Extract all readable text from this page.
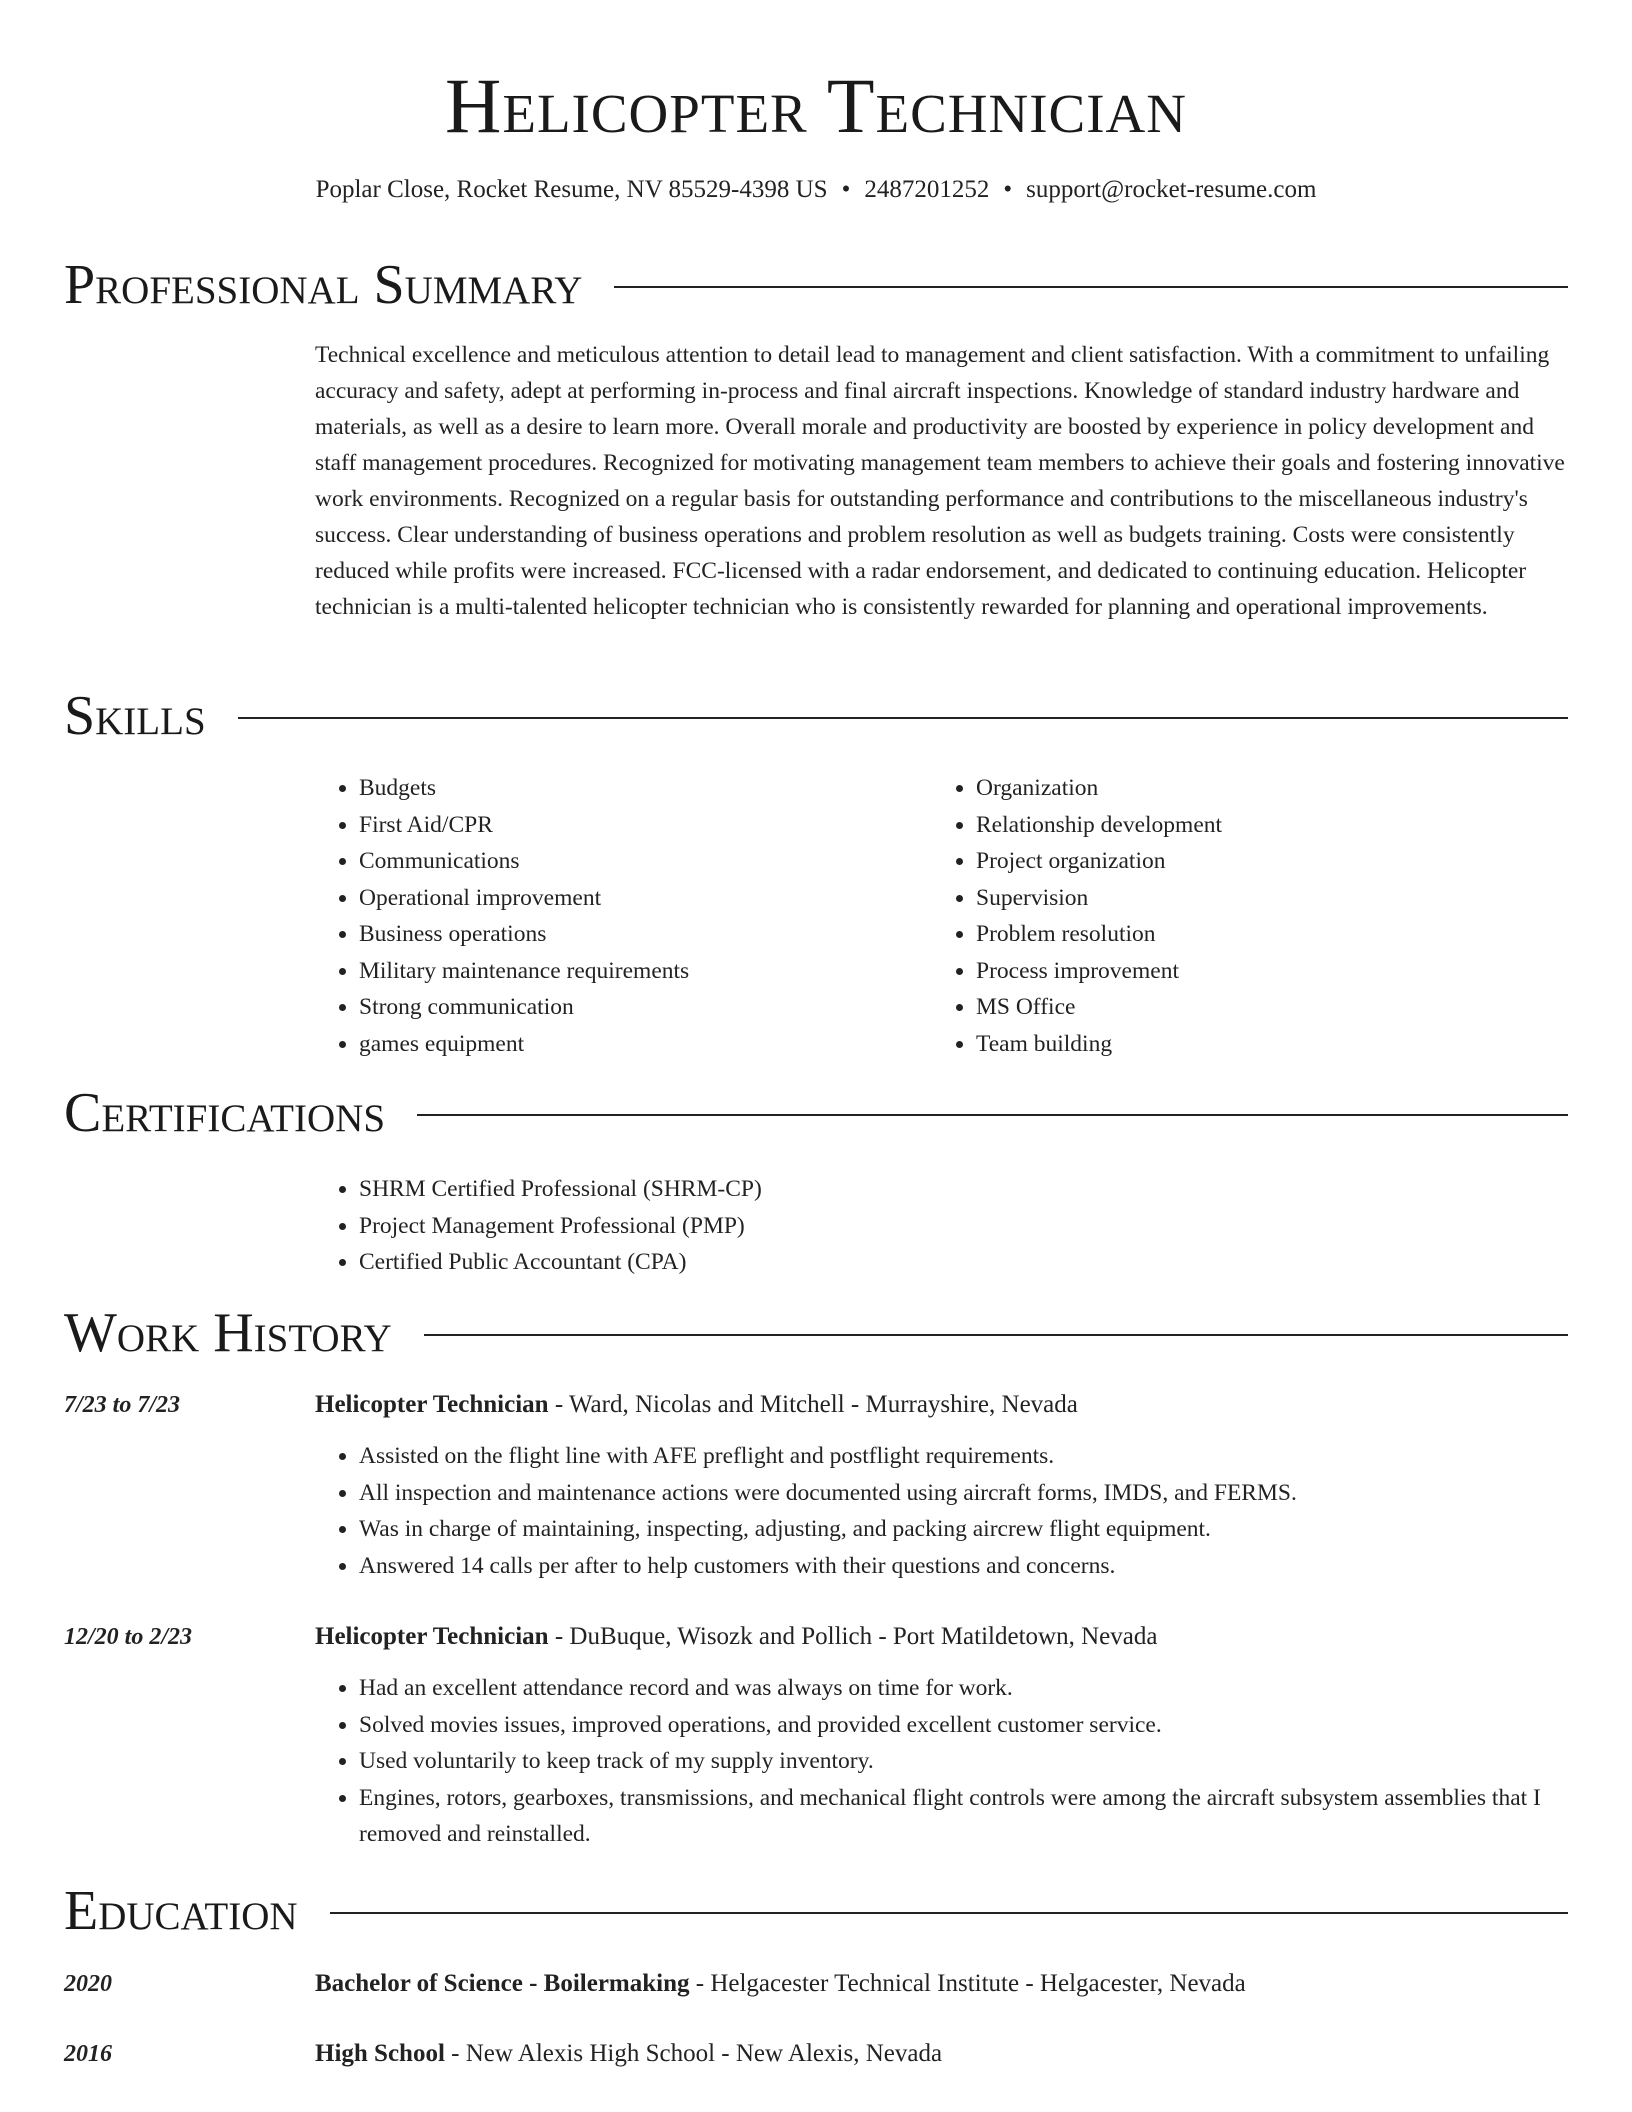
Helicopter Technician
Poplar Close, Rocket Resume, NV 85529-4398 US • 2487201252 • support@rocket-resume.com
Professional Summary

Technical excellence and meticulous attention to detail lead to management and client satisfaction. With a commitment to unfailing accuracy and safety, adept at performing in-process and final aircraft inspections. Knowledge of standard industry hardware and materials, as well as a desire to learn more. Overall morale and productivity are boosted by experience in policy development and staff management procedures. Recognized for motivating management team members to achieve their goals and fostering innovative work environments. Recognized on a regular basis for outstanding performance and contributions to the miscellaneous industry's success. Clear understanding of business operations and problem resolution as well as budgets training. Costs were consistently reduced while profits were increased. FCC-licensed with a radar endorsement, and dedicated to continuing education. Helicopter technician is a multi-talented helicopter technician who is consistently rewarded for planning and operational improvements.

Skills
• Budgets
• First Aid/CPR
• Communications
• Operational improvement
• Business operations
• Military maintenance requirements
• Strong communication
• games equipment
• Organization
• Relationship development
• Project organization
• Supervision
• Problem resolution
• Process improvement
• MS Office
• Team building
Certifications
• SHRM Certified Professional (SHRM-CP)
• Project Management Professional (PMP)
• Certified Public Accountant (CPA)
Work History
7/23 to 7/23	Helicopter Technician - Ward, Nicolas and Mitchell - Murrayshire, Nevada
• Assisted on the flight line with AFE preflight and postflight requirements.
• All inspection and maintenance actions were documented using aircraft forms, IMDS, and FERMS.
• Was in charge of maintaining, inspecting, adjusting, and packing aircrew flight equipment.
• Answered 14 calls per after to help customers with their questions and concerns.
12/20 to 2/23	Helicopter Technician - DuBuque, Wisozk and Pollich - Port Matildetown, Nevada
• Had an excellent attendance record and was always on time for work.
• Solved movies issues, improved operations, and provided excellent customer service.
• Used voluntarily to keep track of my supply inventory.
• Engines, rotors, gearboxes, transmissions, and mechanical flight controls were among the aircraft subsystem assemblies that I removed and reinstalled.
Education
2020	Bachelor of Science - Boilermaking - Helgacester Technical Institute - Helgacester, Nevada
2016	High School - New Alexis High School - New Alexis, Nevada
